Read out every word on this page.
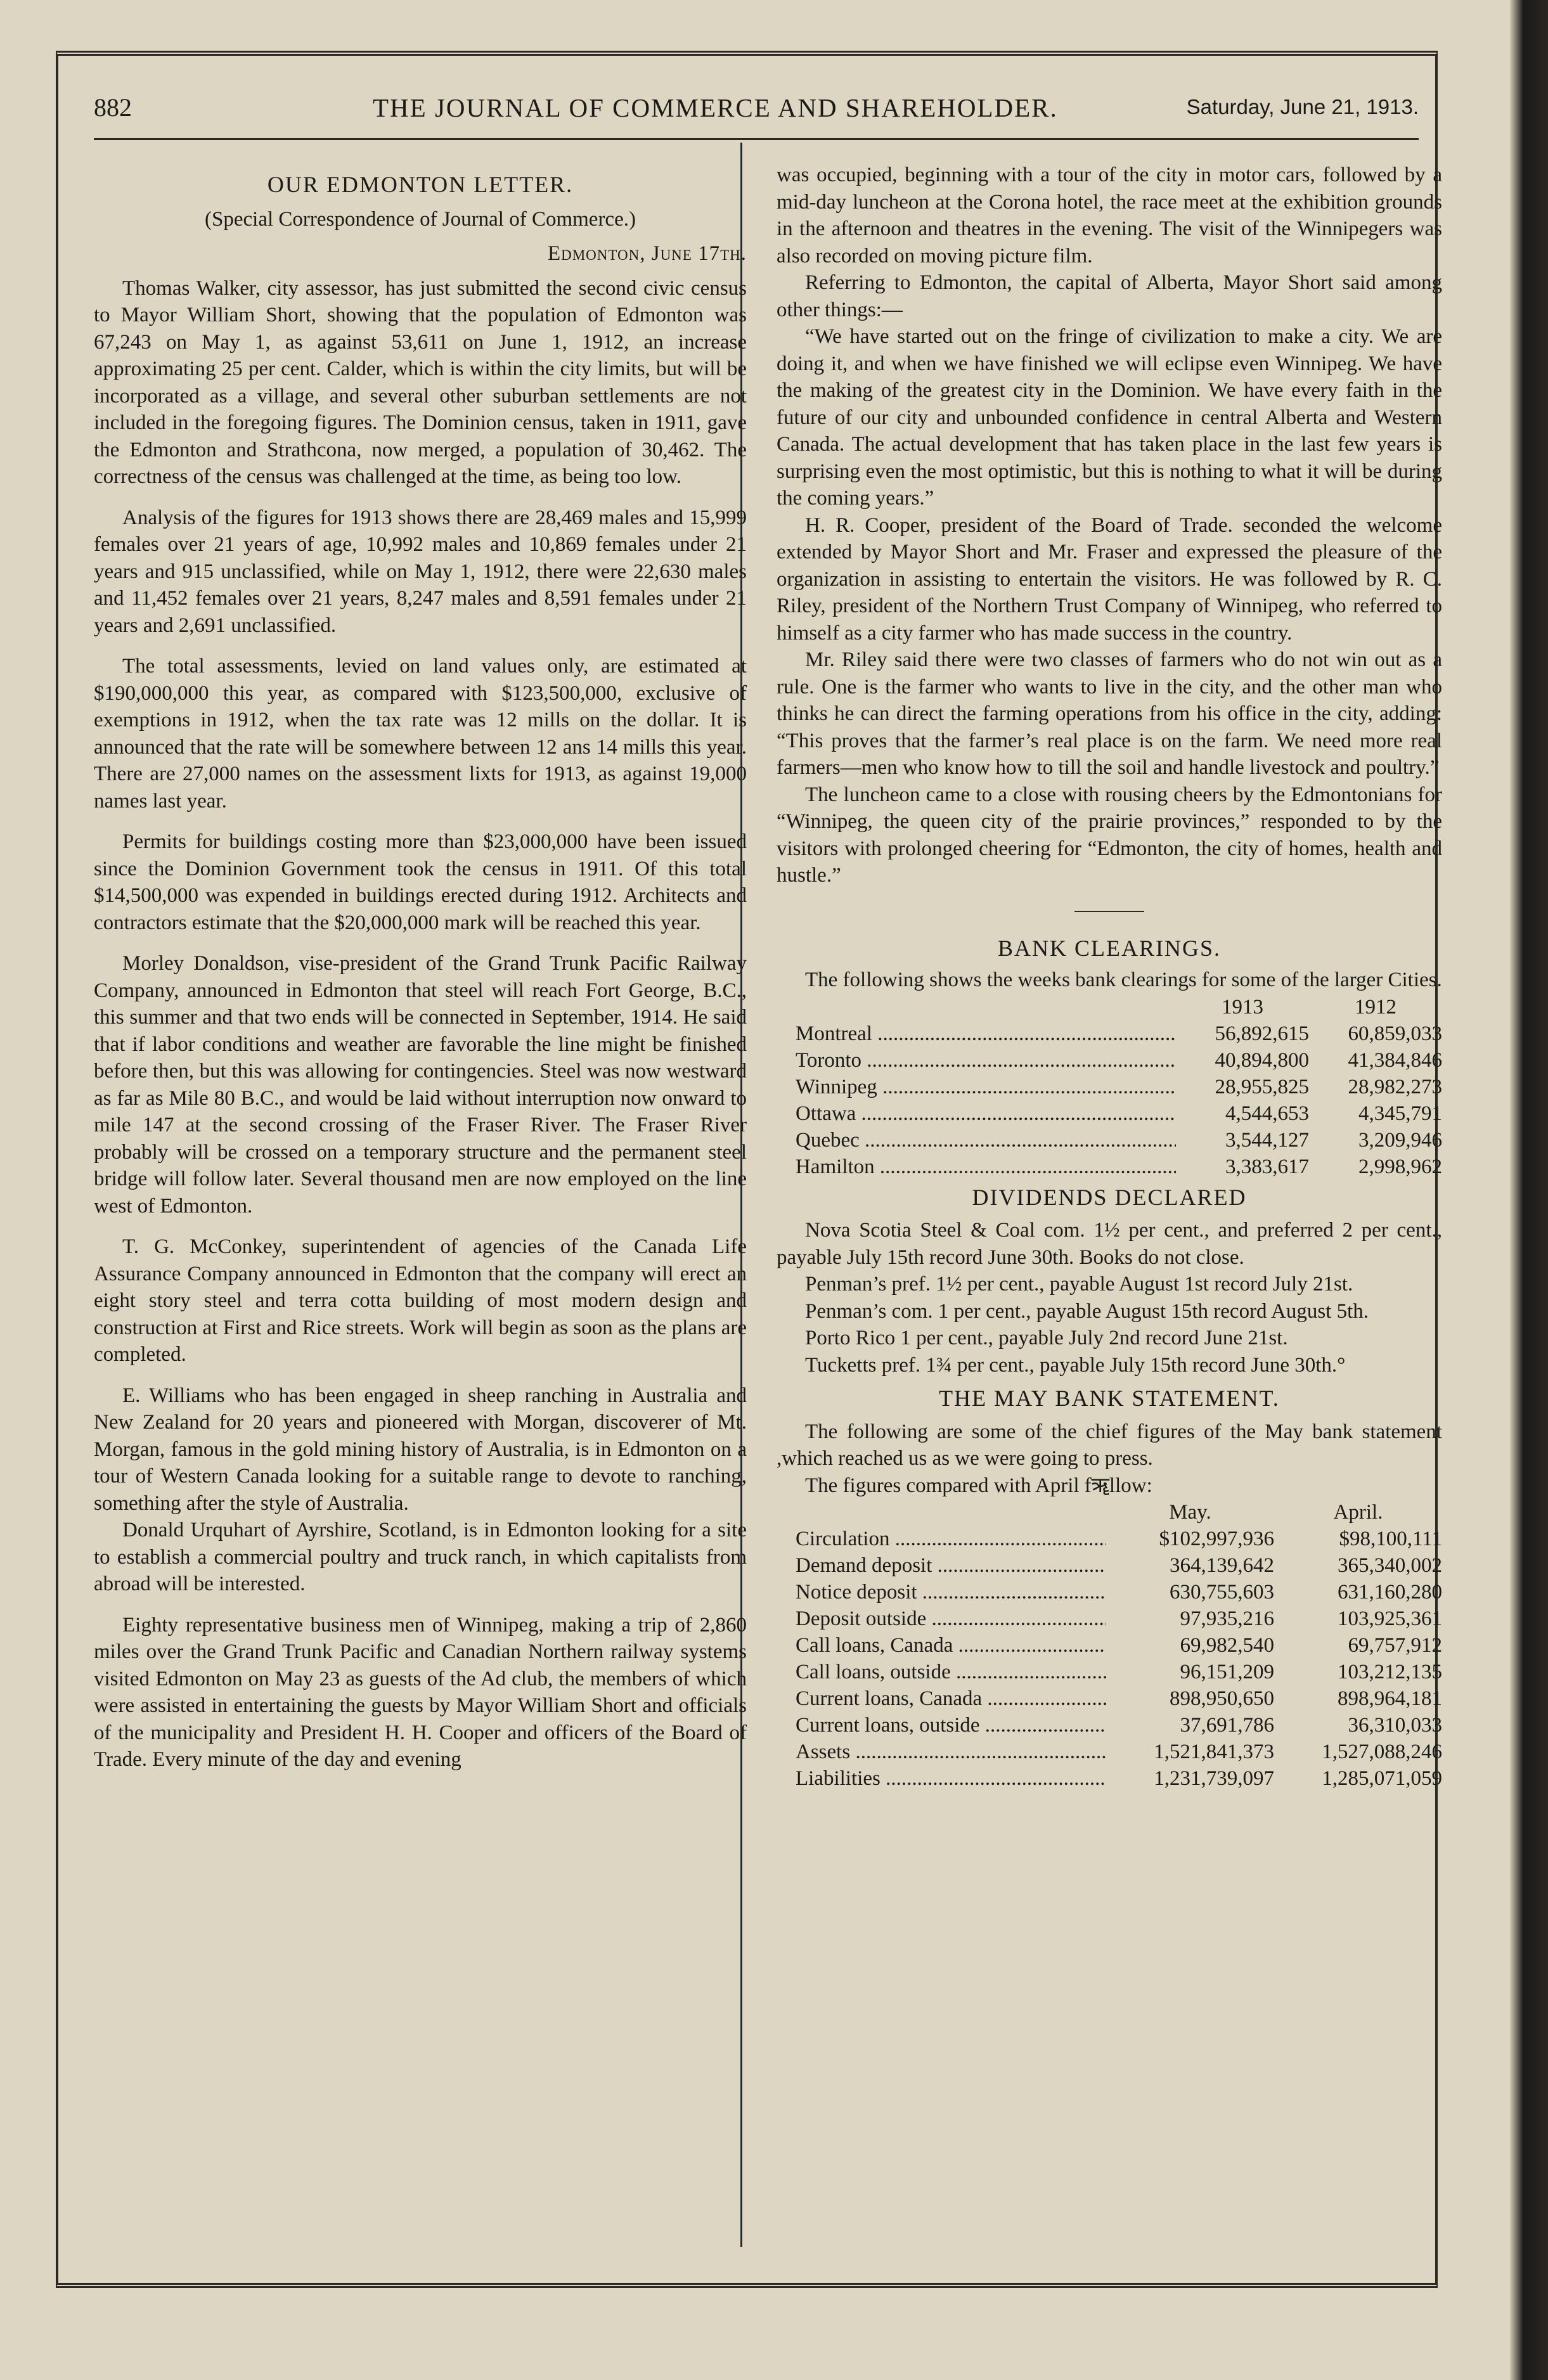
882	THE JOURNAL OF COMMERCE AND SHAREHOLDER.	Saturday, June 21, 1913.

OUR EDMONTON LETTER.

(Special Correspondence of Journal of Commerce.)

Edmonton, June 17th.

Thomas Walker, city assessor, has just submitted the second civic census to Mayor William Short, showing that the population of Edmonton was 67,243 on May 1, as against 53,611 on June 1, 1912, an increase approximating 25 per cent. Calder, which is within the city limits, but will be incorporated as a village, and several other suburban settlements are not included in the foregoing figures. The Dominion census, taken in 1911, gave the Edmonton and Strathcona, now merged, a population of 30,462. The correctness of the census was challenged at the time, as being too low.

Analysis of the figures for 1913 shows there are 28,469 males and 15,999 females over 21 years of age, 10,992 males and 10,869 females under 21 years and 915 unclassified, while on May 1, 1912, there were 22,630 males and 11,452 females over 21 years, 8,247 males and 8,591 females under 21 years and 2,691 unclassified.

The total assessments, levied on land values only, are estimated at $190,000,000 this year, as compared with $123,500,000, exclusive of exemptions in 1912, when the tax rate was 12 mills on the dollar. It is announced that the rate will be somewhere between 12 ans 14 mills this year. There are 27,000 names on the assessment lixts for 1913, as against 19,000 names last year.

Permits for buildings costing more than $23,000,000 have been issued since the Dominion Government took the census in 1911. Of this total $14,500,000 was expended in buildings erected during 1912. Architects and contractors estimate that the $20,000,000 mark will be reached this year.

Morley Donaldson, vise-president of the Grand Trunk Pacific Railway Company, announced in Edmonton that steel will reach Fort George, B.C., this summer and that two ends will be connected in September, 1914. He said that if labor conditions and weather are favorable the line might be finished before then, but this was allowing for contingencies. Steel was now westward as far as Mile 80 B.C., and would be laid without interruption now onward to mile 147 at the second crossing of the Fraser River. The Fraser River probably will be crossed on a temporary structure and the permanent steel bridge will follow later. Several thousand men are now employed on the line west of Edmonton.

T. G. McConkey, superintendent of agencies of the Canada Life Assurance Company announced in Edmonton that the company will erect an eight story steel and terra cotta building of most modern design and construction at First and Rice streets. Work will begin as soon as the plans are completed.

E. Williams who has been engaged in sheep ranching in Australia and New Zealand for 20 years and pioneered with Morgan, discoverer of Mt. Morgan, famous in the gold mining history of Australia, is in Edmonton on a tour of Western Canada looking for a suitable range to devote to ranching, something after the style of Australia.

Donald Urquhart of Ayrshire, Scotland, is in Edmonton looking for a site to establish a commercial poultry and truck ranch, in which capitalists from abroad will be interested.

Eighty representative business men of Winnipeg, making a trip of 2,860 miles over the Grand Trunk Pacific and Canadian Northern railway systems visited Edmonton on May 23 as guests of the Ad club, the members of which were assisted in entertaining the guests by Mayor William Short and officials of the municipality and President H. H. Cooper and officers of the Board of Trade. Every minute of the day and evening

was occupied, beginning with a tour of the city in motor cars, followed by a mid-day luncheon at the Corona hotel, the race meet at the exhibition grounds in the afternoon and theatres in the evening. The visit of the Winnipegers was also recorded on moving picture film.

Referring to Edmonton, the capital of Alberta, Mayor Short said among other things:—

“We have started out on the fringe of civilization to make a city. We are doing it, and when we have finished we will eclipse even Winnipeg. We have the making of the greatest city in the Dominion. We have every faith in the future of our city and unbounded confidence in central Alberta and Western Canada. The actual development that has taken place in the last few years is surprising even the most optimistic, but this is nothing to what it will be during the coming years.”

H. R. Cooper, president of the Board of Trade. seconded the welcome extended by Mayor Short and Mr. Fraser and expressed the pleasure of the organization in assisting to entertain the visitors. He was followed by R. C. Riley, president of the Northern Trust Company of Winnipeg, who referred to himself as a city farmer who has made success in the country.

Mr. Riley said there were two classes of farmers who do not win out as a rule. One is the farmer who wants to live in the city, and the other man who thinks he can direct the farming operations from his office in the city, adding: “This proves that the farmer’s real place is on the farm. We need more real farmers—men who know how to till the soil and handle livestock and poultry.”

The luncheon came to a close with rousing cheers by the Edmontonians for “Winnipeg, the queen city of the prairie provinces,” responded to by the visitors with prolonged cheering for “Edmonton, the city of homes, health and hustle.”

BANK CLEARINGS.

The following shows the weeks bank clearings for some of the larger Cities.

1913	1912
Montreal .....	56,892,615	60,859,033
Toronto .....	40,894,800	41,384,846
Winnipeg .....	28,955,825	28,982,273
Ottawa .....	4,544,653	4,345,791
Quebec .....	3,544,127	3,209,946
Hamilton .....	3,383,617	2,998,962

DIVIDENDS DECLARED

Nova Scotia Steel & Coal com. 1½ per cent., and preferred 2 per cent., payable July 15th record June 30th. Books do not close.

Penman’s pref. 1½ per cent., payable August 1st record July 21st.

Penman’s com. 1 per cent., payable August 15th record August 5th.

Porto Rico 1 per cent., payable July 2nd record June 21st.

Tucketts pref. 1¾ per cent., payable July 15th record June 30th.°

THE MAY BANK STATEMENT.

The following are some of the chief figures of the May bank statement ,which reached us as we were going to press.

The figures compared with April fॠllow:

May.	April.
Circulation .....	$102,997,936	$98,100,111
Demand deposit .....	364,139,642	365,340,002
Notice deposit .....	630,755,603	631,160,280
Deposit outside .....	97,935,216	103,925,361
Call loans, Canada .....	69,982,540	69,757,912
Call loans, outside .....	96,151,209	103,212,135
Current loans, Canada .....	898,950,650	898,964,181
Current loans, outside .....	37,691,786	36,310,033
Assets .....	1,521,841,373	1,527,088,246
Liabilities .....	1,231,739,097	1,285,071,059
